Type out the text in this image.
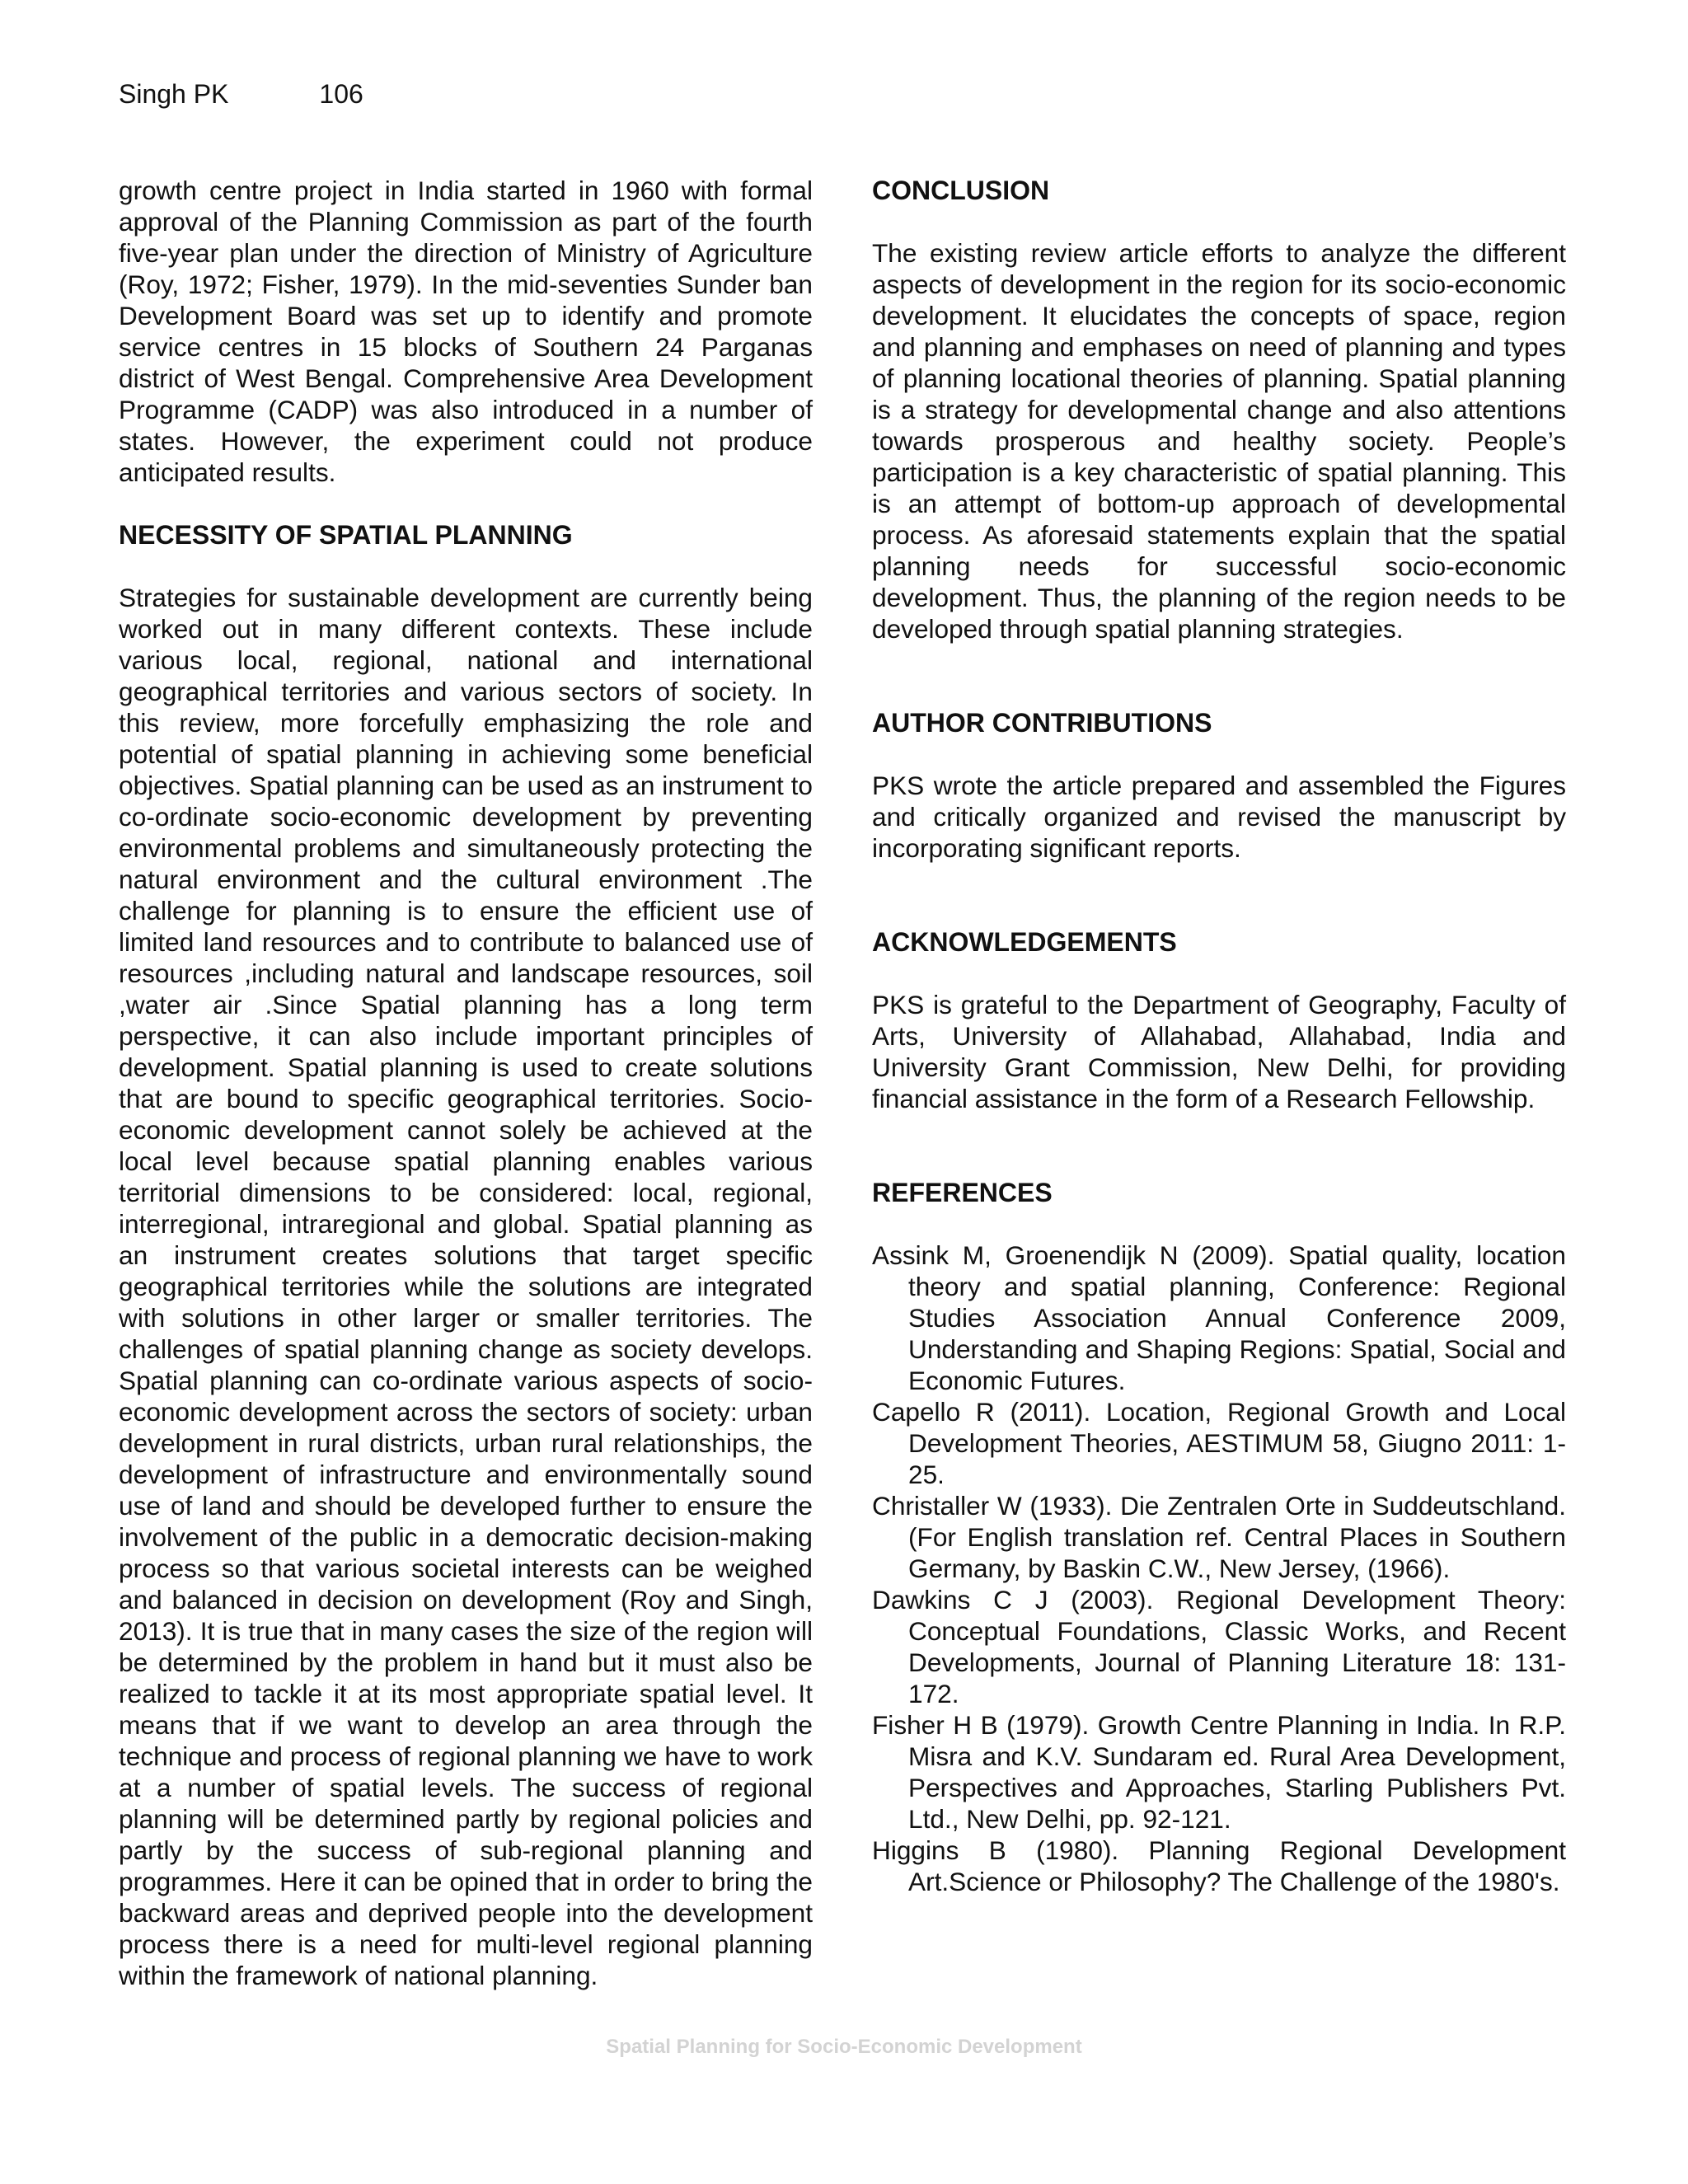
Singh PK	106

growth centre project in India started in 1960 with formal approval of the Planning Commission as part of the fourth five-year plan under the direction of Ministry of Agriculture (Roy, 1972; Fisher, 1979). In the mid-seventies Sunder ban Development Board was set up to identify and promote service centres in 15 blocks of Southern 24 Parganas district of West Bengal. Comprehensive Area Development Programme (CADP) was also introduced in a number of states. However, the experiment could not produce anticipated results.

NECESSITY OF SPATIAL PLANNING

Strategies for sustainable development are currently being worked out in many different contexts. These include various local, regional, national and international geographical territories and various sectors of society. In this review, more forcefully emphasizing the role and potential of spatial planning in achieving some beneficial objectives. Spatial planning can be used as an instrument to co-ordinate socio-economic development by preventing environmental problems and simultaneously protecting the natural environment and the cultural environment .The challenge for planning is to ensure the efficient use of limited land resources and to contribute to balanced use of resources ,including natural and landscape resources, soil ,water air .Since Spatial planning has a long term perspective, it can also include important principles of development. Spatial planning is used to create solutions that are bound to specific geographical territories. Socio-economic development cannot solely be achieved at the local level because spatial planning enables various territorial dimensions to be considered: local, regional, interregional, intraregional and global. Spatial planning as an instrument creates solutions that target specific geographical territories while the solutions are integrated with solutions in other larger or smaller territories. The challenges of spatial planning change as society develops. Spatial planning can co-ordinate various aspects of socio-economic development across the sectors of society: urban development in rural districts, urban rural relationships, the development of infrastructure and environmentally sound use of land and should be developed further to ensure the involvement of the public in a democratic decision-making process so that various societal interests can be weighed and balanced in decision on development (Roy and Singh, 2013). It is true that in many cases the size of the region will be determined by the problem in hand but it must also be realized to tackle it at its most appropriate spatial level. It means that if we want to develop an area through the technique and process of regional planning we have to work at a number of spatial levels. The success of regional planning will be determined partly by regional policies and partly by the success of sub-regional planning and programmes. Here it can be opined that in order to bring the backward areas and deprived people into the development process there is a need for multi-level regional planning within the framework of national planning.

CONCLUSION

The existing review article efforts to analyze the different aspects of development in the region for its socio-economic development. It elucidates the concepts of space, region and planning and emphases on need of planning and types of planning locational theories of planning. Spatial planning is a strategy for developmental change and also attentions towards prosperous and healthy society. People’s participation is a key characteristic of spatial planning. This is an attempt of bottom-up approach of developmental process. As aforesaid statements explain that the spatial planning needs for successful socio-economic development. Thus, the planning of the region needs to be developed through spatial planning strategies.

AUTHOR CONTRIBUTIONS

PKS wrote the article prepared and assembled the Figures and critically organized and revised the manuscript by incorporating significant reports.

ACKNOWLEDGEMENTS

PKS is grateful to the Department of Geography, Faculty of Arts, University of Allahabad, Allahabad, India and University Grant Commission, New Delhi, for providing financial assistance in the form of a Research Fellowship.

REFERENCES

Assink M, Groenendijk N (2009). Spatial quality, location theory and spatial planning, Conference: Regional Studies Association Annual Conference 2009, Understanding and Shaping Regions: Spatial, Social and Economic Futures.
Capello R (2011). Location, Regional Growth and Local Development Theories, AESTIMUM 58, Giugno 2011: 1-25.
Christaller W (1933). Die Zentralen Orte in Suddeutschland. (For English translation ref. Central Places in Southern Germany, by Baskin C.W., New Jersey, (1966).
Dawkins C J (2003). Regional Development Theory: Conceptual Foundations, Classic Works, and Recent Developments, Journal of Planning Literature 18: 131-172.
Fisher H B (1979). Growth Centre Planning in India. In R.P. Misra and K.V. Sundaram ed. Rural Area Development, Perspectives and Approaches, Starling Publishers Pvt. Ltd., New Delhi, pp. 92-121.
Higgins B (1980). Planning Regional Development Art.Science or Philosophy? The Challenge of the 1980's.
Spatial Planning for Socio-Economic Development
